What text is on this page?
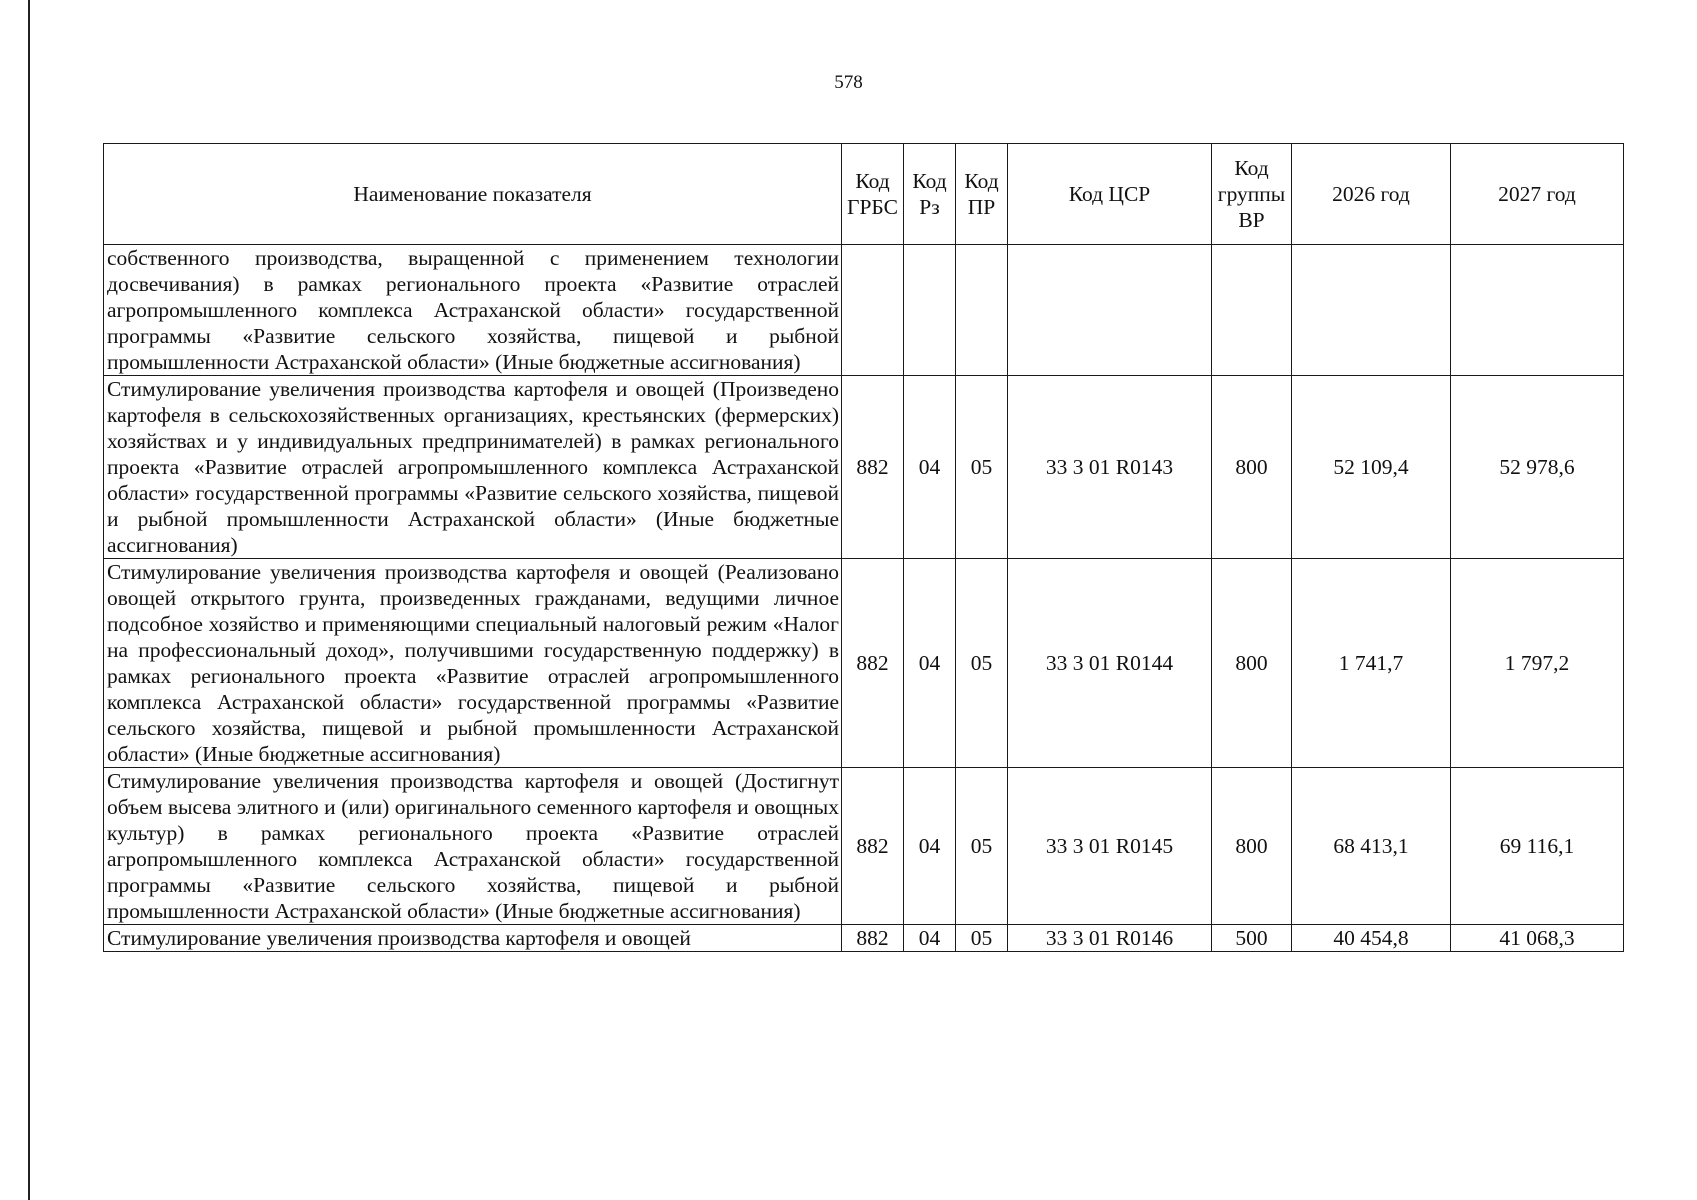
578
Наименование показателя	Код ГРБС	Код Рз	Код ПР	Код ЦСР	Код группы ВР	2026 год	2027 год
собственного производства, выращенной с применением технологии досвечивания) в рамках регионального проекта «Развитие отраслей агропромышленного комплекса Астраханской области» государственной программы «Развитие сельского хозяйства, пищевой и рыбной промышленности Астраханской области» (Иные бюджетные ассигнования)							
Стимулирование увеличения производства картофеля и овощей (Произведено картофеля в сельскохозяйственных организациях, крестьянских (фермерских) хозяйствах и у индивидуальных предпринимателей) в рамках регионального проекта «Развитие отраслей агропромышленного комплекса Астраханской области» государственной программы «Развитие сельского хозяйства, пищевой и рыбной промышленности Астраханской области» (Иные бюджетные ассигнования)	882	04	05	33 3 01 R0143	800	52 109,4	52 978,6
Стимулирование увеличения производства картофеля и овощей (Реализовано овощей открытого грунта, произведенных гражданами, ведущими личное подсобное хозяйство и применяющими специальный налоговый режим «Налог на профессиональный доход», получившими государственную поддержку) в рамках регионального проекта «Развитие отраслей агропромышленного комплекса Астраханской области» государственной программы «Развитие сельского хозяйства, пищевой и рыбной промышленности Астраханской области» (Иные бюджетные ассигнования)	882	04	05	33 3 01 R0144	800	1 741,7	1 797,2
Стимулирование увеличения производства картофеля и овощей (Достигнут объем высева элитного и (или) оригинального семенного картофеля и овощных культур) в рамках регионального проекта «Развитие отраслей агропромышленного комплекса Астраханской области» государственной программы «Развитие сельского хозяйства, пищевой и рыбной промышленности Астраханской области» (Иные бюджетные ассигнования)	882	04	05	33 3 01 R0145	800	68 413,1	69 116,1
Стимулирование увеличения производства картофеля и овощей	882	04	05	33 3 01 R0146	500	40 454,8	41 068,3
